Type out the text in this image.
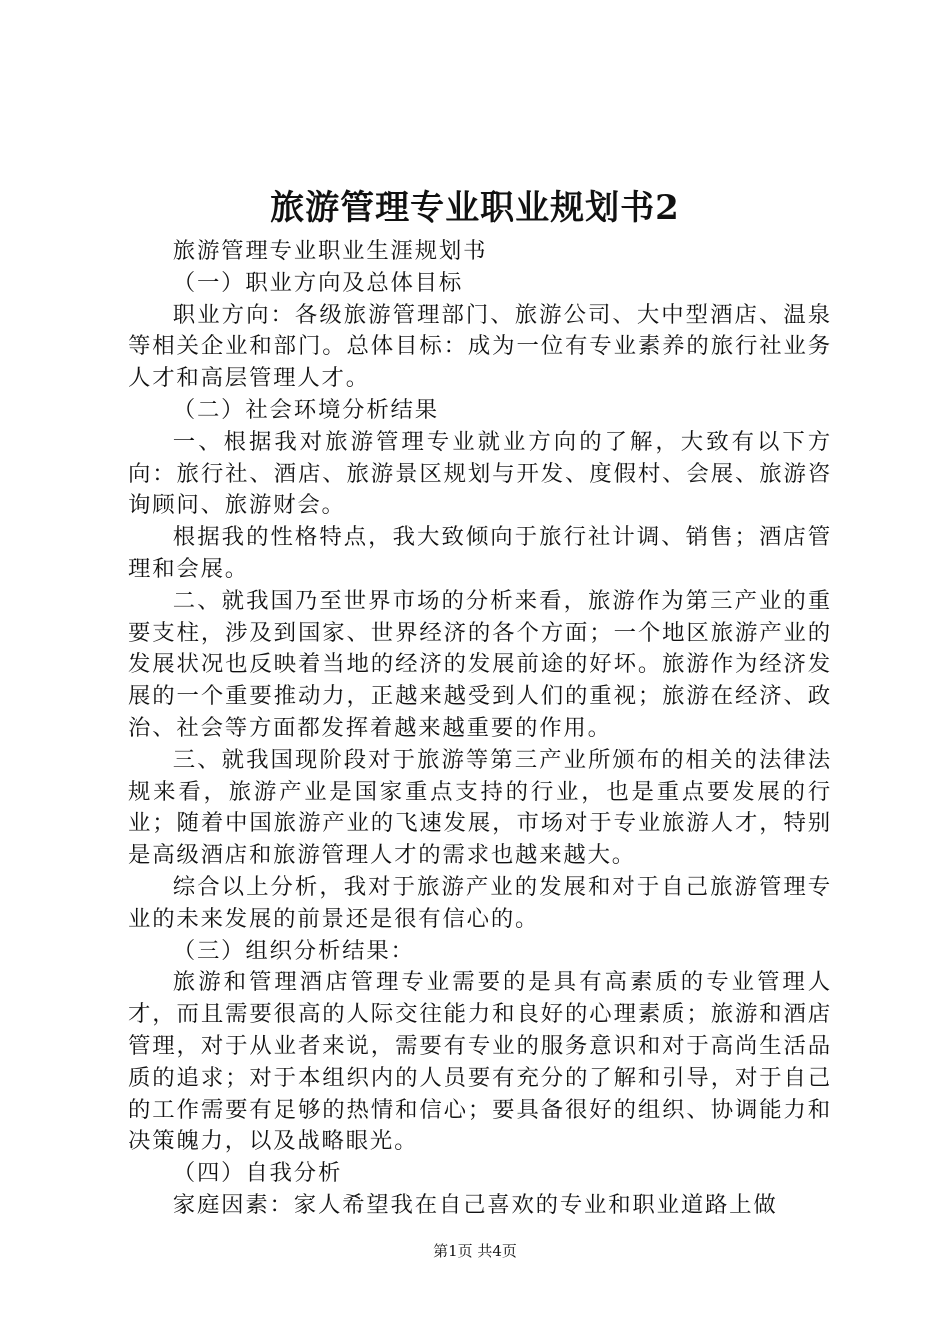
旅游管理专业职业规划书2

旅游管理专业职业生涯规划书

（一）职业方向及总体目标

职业方向：各级旅游管理部门、旅游公司、大中型酒店、温泉等相关企业和部门。总体目标：成为一位有专业素养的旅行社业务人才和高层管理人才。

（二）社会环境分析结果

一、根据我对旅游管理专业就业方向的了解，大致有以下方向：旅行社、酒店、旅游景区规划与开发、度假村、会展、旅游咨询顾问、旅游财会。

根据我的性格特点，我大致倾向于旅行社计调、销售；酒店管理和会展。

二、就我国乃至世界市场的分析来看，旅游作为第三产业的重要支柱，涉及到国家、世界经济的各个方面；一个地区旅游产业的发展状况也反映着当地的经济的发展前途的好坏。旅游作为经济发展的一个重要推动力，正越来越受到人们的重视；旅游在经济、政治、社会等方面都发挥着越来越重要的作用。

三、就我国现阶段对于旅游等第三产业所颁布的相关的法律法规来看，旅游产业是国家重点支持的行业，也是重点要发展的行业；随着中国旅游产业的飞速发展，市场对于专业旅游人才，特别是高级酒店和旅游管理人才的需求也越来越大。

综合以上分析，我对于旅游产业的发展和对于自己旅游管理专业的未来发展的前景还是很有信心的。

（三）组织分析结果：

旅游和管理酒店管理专业需要的是具有高素质的专业管理人才，而且需要很高的人际交往能力和良好的心理素质；旅游和酒店管理，对于从业者来说，需要有专业的服务意识和对于高尚生活品质的追求；对于本组织内的人员要有充分的了解和引导，对于自己的工作需要有足够的热情和信心；要具备很好的组织、协调能力和决策魄力，以及战略眼光。

（四）自我分析

家庭因素：家人希望我在自己喜欢的专业和职业道路上做

第1页 共4页
